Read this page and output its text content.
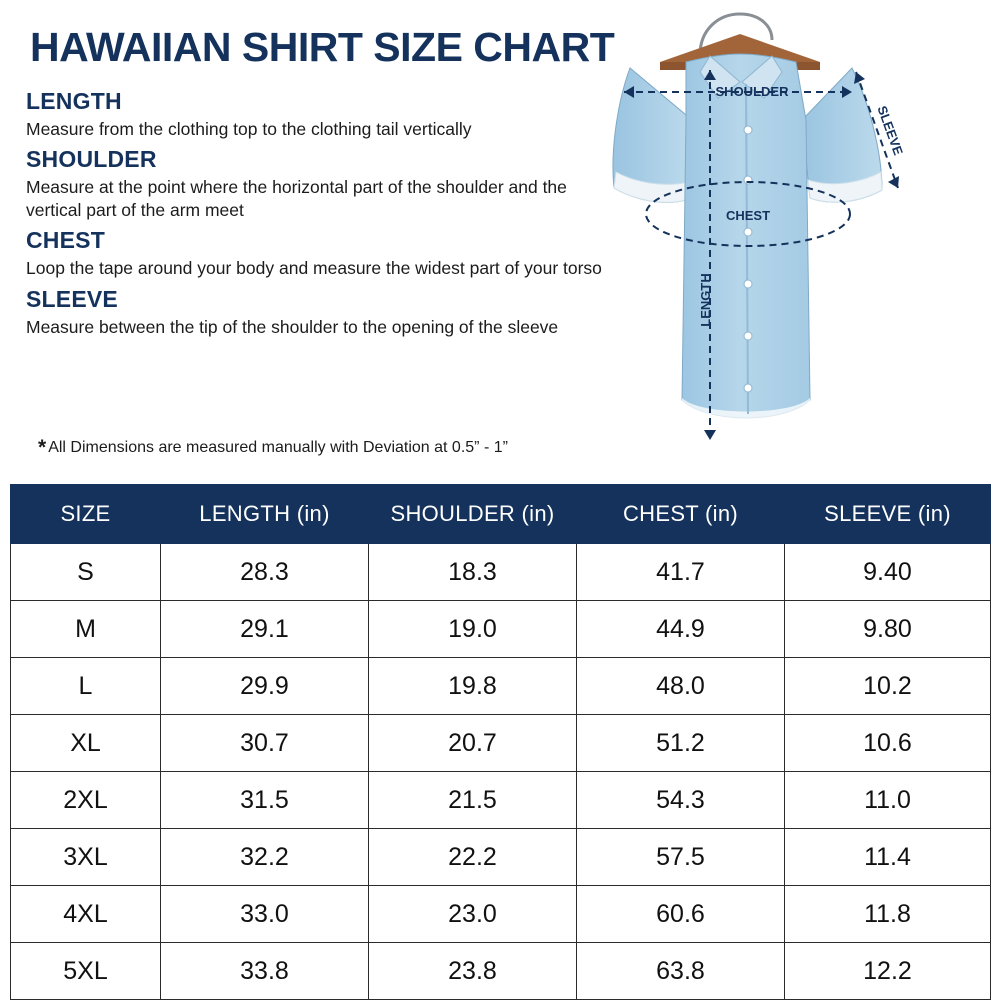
HAWAIIAN SHIRT SIZE CHART
LENGTH
Measure from the clothing top to the clothing tail vertically
SHOULDER
Measure at the point where the horizontal part of the shoulder and the vertical part of the arm meet
CHEST
Loop the tape around your body and measure the widest part of your torso
SLEEVE
Measure between the tip of the shoulder to the opening of the sleeve
* All Dimensions are measured manually with Deviation at 0.5” - 1”
SHOULDER
CHEST
LENGTH
SLEEVE
SIZE	LENGTH (in)	SHOULDER (in)	CHEST (in)	SLEEVE (in)
S	28.3	18.3	41.7	9.40
M	29.1	19.0	44.9	9.80
L	29.9	19.8	48.0	10.2
XL	30.7	20.7	51.2	10.6
2XL	31.5	21.5	54.3	11.0
3XL	32.2	22.2	57.5	11.4
4XL	33.0	23.0	60.6	11.8
5XL	33.8	23.8	63.8	12.2
